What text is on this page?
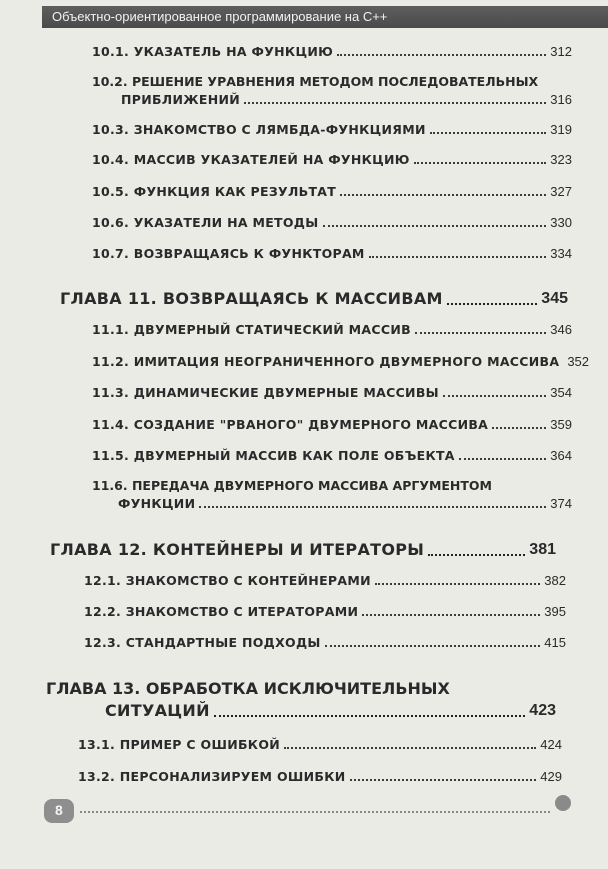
Объектно-ориентированное программирование на С++
10.1. УКАЗАТЕЛЬ НА ФУНКЦИЮ	312
10.2. РЕШЕНИЕ УРАВНЕНИЯ МЕТОДОМ ПОСЛЕДОВАТЕЛЬНЫХ
ПРИБЛИЖЕНИЙ	316
10.3. ЗНАКОМСТВО С ЛЯМБДА-ФУНКЦИЯМИ	319
10.4. МАССИВ УКАЗАТЕЛЕЙ НА ФУНКЦИЮ	323
10.5. ФУНКЦИЯ КАК РЕЗУЛЬТАТ	327
10.6. УКАЗАТЕЛИ НА МЕТОДЫ	330
10.7. ВОЗВРАЩАЯСЬ К ФУНКТОРАМ	334
ГЛАВА 11. ВОЗВРАЩАЯСЬ К МАССИВАМ	345
11.1. ДВУМЕРНЫЙ СТАТИЧЕСКИЙ МАССИВ	346
11.2. ИМИТАЦИЯ НЕОГРАНИЧЕННОГО ДВУМЕРНОГО МАССИВА 352
11.3. ДИНАМИЧЕСКИЕ ДВУМЕРНЫЕ МАССИВЫ	354
11.4. СОЗДАНИЕ "РВАНОГО" ДВУМЕРНОГО МАССИВА	359
11.5. ДВУМЕРНЫЙ МАССИВ КАК ПОЛЕ ОБЪЕКТА	364
11.6. ПЕРЕДАЧА ДВУМЕРНОГО МАССИВА АРГУМЕНТОМ
ФУНКЦИИ	374
ГЛАВА 12. КОНТЕЙНЕРЫ И ИТЕРАТОРЫ	381
12.1. ЗНАКОМСТВО С КОНТЕЙНЕРАМИ	382
12.2. ЗНАКОМСТВО С ИТЕРАТОРАМИ	395
12.3. СТАНДАРТНЫЕ ПОДХОДЫ	415
ГЛАВА 13. ОБРАБОТКА ИСКЛЮЧИТЕЛЬНЫХ
СИТУАЦИЙ	423
13.1. ПРИМЕР С ОШИБКОЙ	424
13.2. ПЕРСОНАЛИЗИРУЕМ ОШИБКИ	429
8
